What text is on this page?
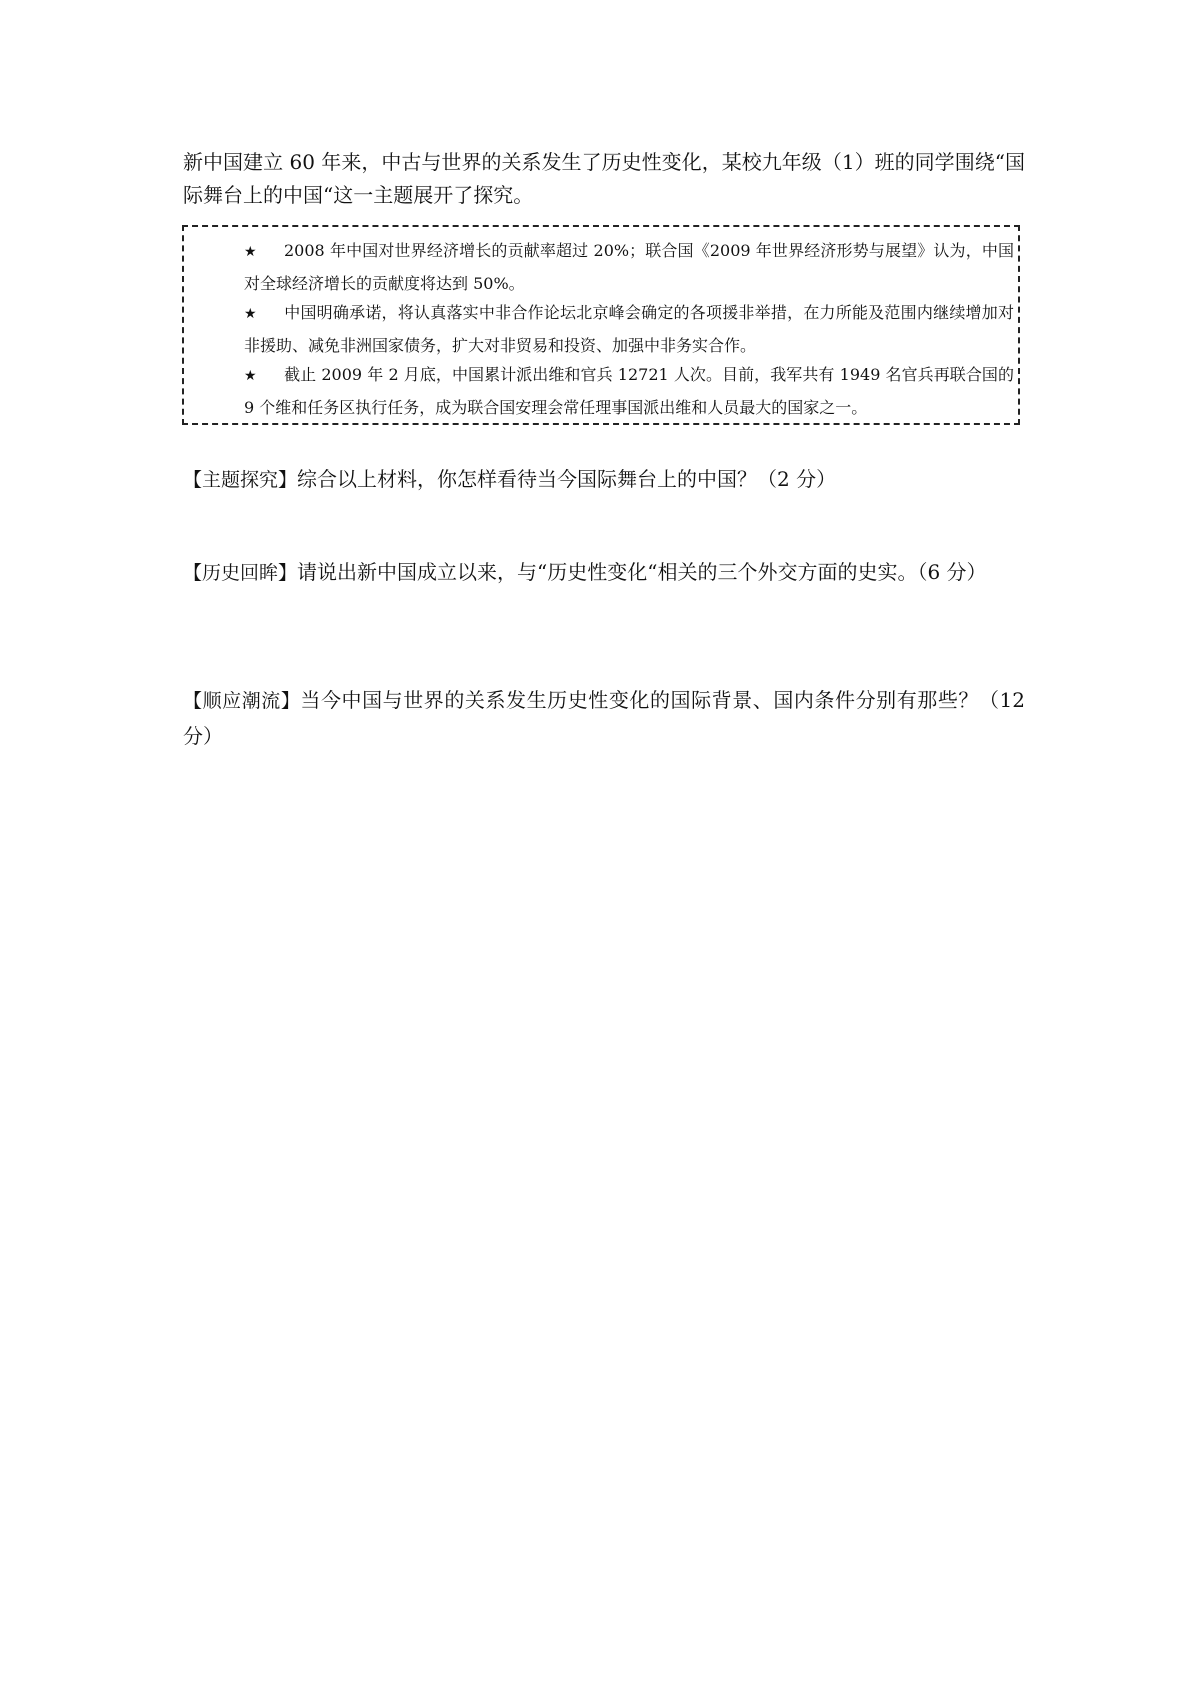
新中国建立 60 年来，中古与世界的关系发生了历史性变化，某校九年级（1）班的同学围绕“国际舞台上的中国“这一主题展开了探究。

★ 2008 年中国对世界经济增长的贡献率超过 20%；联合国《2009 年世界经济形势与展望》认为，中国对全球经济增长的贡献度将达到 50%。
★ 中国明确承诺，将认真落实中非合作论坛北京峰会确定的各项援非举措，在力所能及范围内继续增加对非援助、减免非洲国家债务，扩大对非贸易和投资、加强中非务实合作。
★ 截止 2009 年 2 月底，中国累计派出维和官兵 12721 人次。目前，我军共有 1949 名官兵再联合国的 9 个维和任务区执行任务，成为联合国安理会常任理事国派出维和人员最大的国家之一。
【主题探究】综合以上材料，你怎样看待当今国际舞台上的中国？（2 分）
【历史回眸】请说出新中国成立以来，与“历史性变化“相关的三个外交方面的史实。（6 分）
【顺应潮流】当今中国与世界的关系发生历史性变化的国际背景、国内条件分别有那些？（12 分）
